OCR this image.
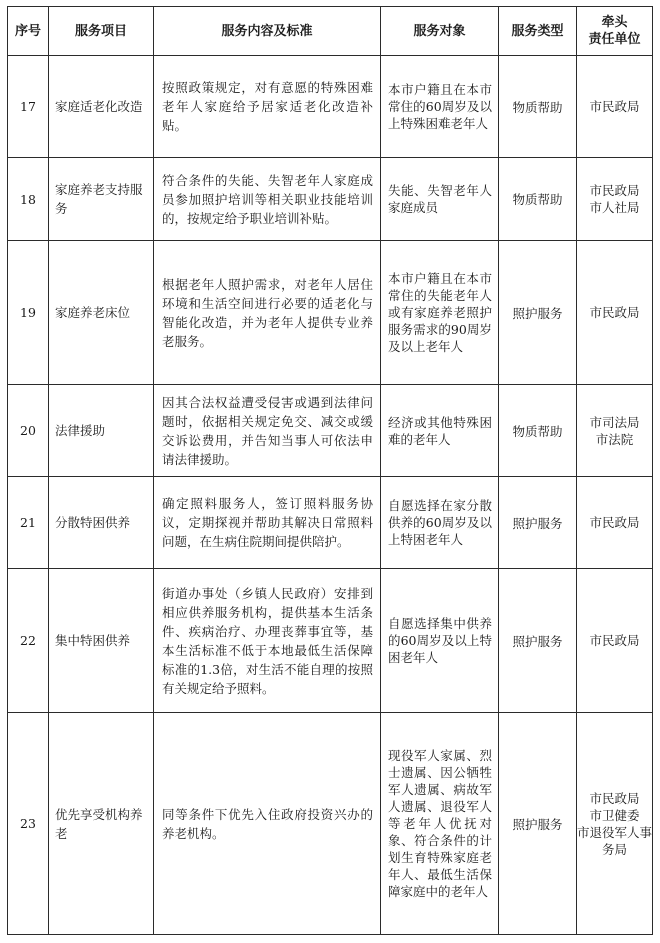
序号	服务项目	服务内容及标准	服务对象	服务类型	牵头
责任单位

17	家庭适老化改造	按照政策规定，对有意愿的特殊困难老年人家庭给予居家适老化改造补贴。	本市户籍且在本市常住的60周岁及以上特殊困难老年人	物质帮助	市民政局

18	家庭养老支持服务	符合条件的失能、失智老年人家庭成员参加照护培训等相关职业技能培训的，按规定给予职业培训补贴。	失能、失智老年人家庭成员	物质帮助	市民政局
市人社局

19	家庭养老床位	根据老年人照护需求，对老年人居住环境和生活空间进行必要的适老化与智能化改造，并为老年人提供专业养老服务。	本市户籍且在本市常住的失能老年人或有家庭养老照护服务需求的90周岁及以上老年人	照护服务	市民政局

20	法律援助	因其合法权益遭受侵害或遇到法律问题时，依据相关规定免交、减交或缓交诉讼费用，并告知当事人可依法申请法律援助。	经济或其他特殊困难的老年人	物质帮助	市司法局
市法院

21	分散特困供养	确定照料服务人，签订照料服务协议，定期探视并帮助其解决日常照料问题，在生病住院期间提供陪护。	自愿选择在家分散供养的60周岁及以上特困老年人	照护服务	市民政局

22	集中特困供养	街道办事处（乡镇人民政府）安排到相应供养服务机构，提供基本生活条件、疾病治疗、办理丧葬事宜等，基本生活标准不低于本地最低生活保障标准的1.3倍，对生活不能自理的按照有关规定给予照料。	自愿选择集中供养的60周岁及以上特困老年人	照护服务	市民政局

23	优先享受机构养老	同等条件下优先入住政府投资兴办的养老机构。	现役军人家属、烈士遗属、因公牺牲军人遗属、病故军人遗属、退役军人等老年人优抚对象、符合条件的计划生育特殊家庭老年人、最低生活保障家庭中的老年人	照护服务	市民政局
市卫健委
市退役军人事务局
